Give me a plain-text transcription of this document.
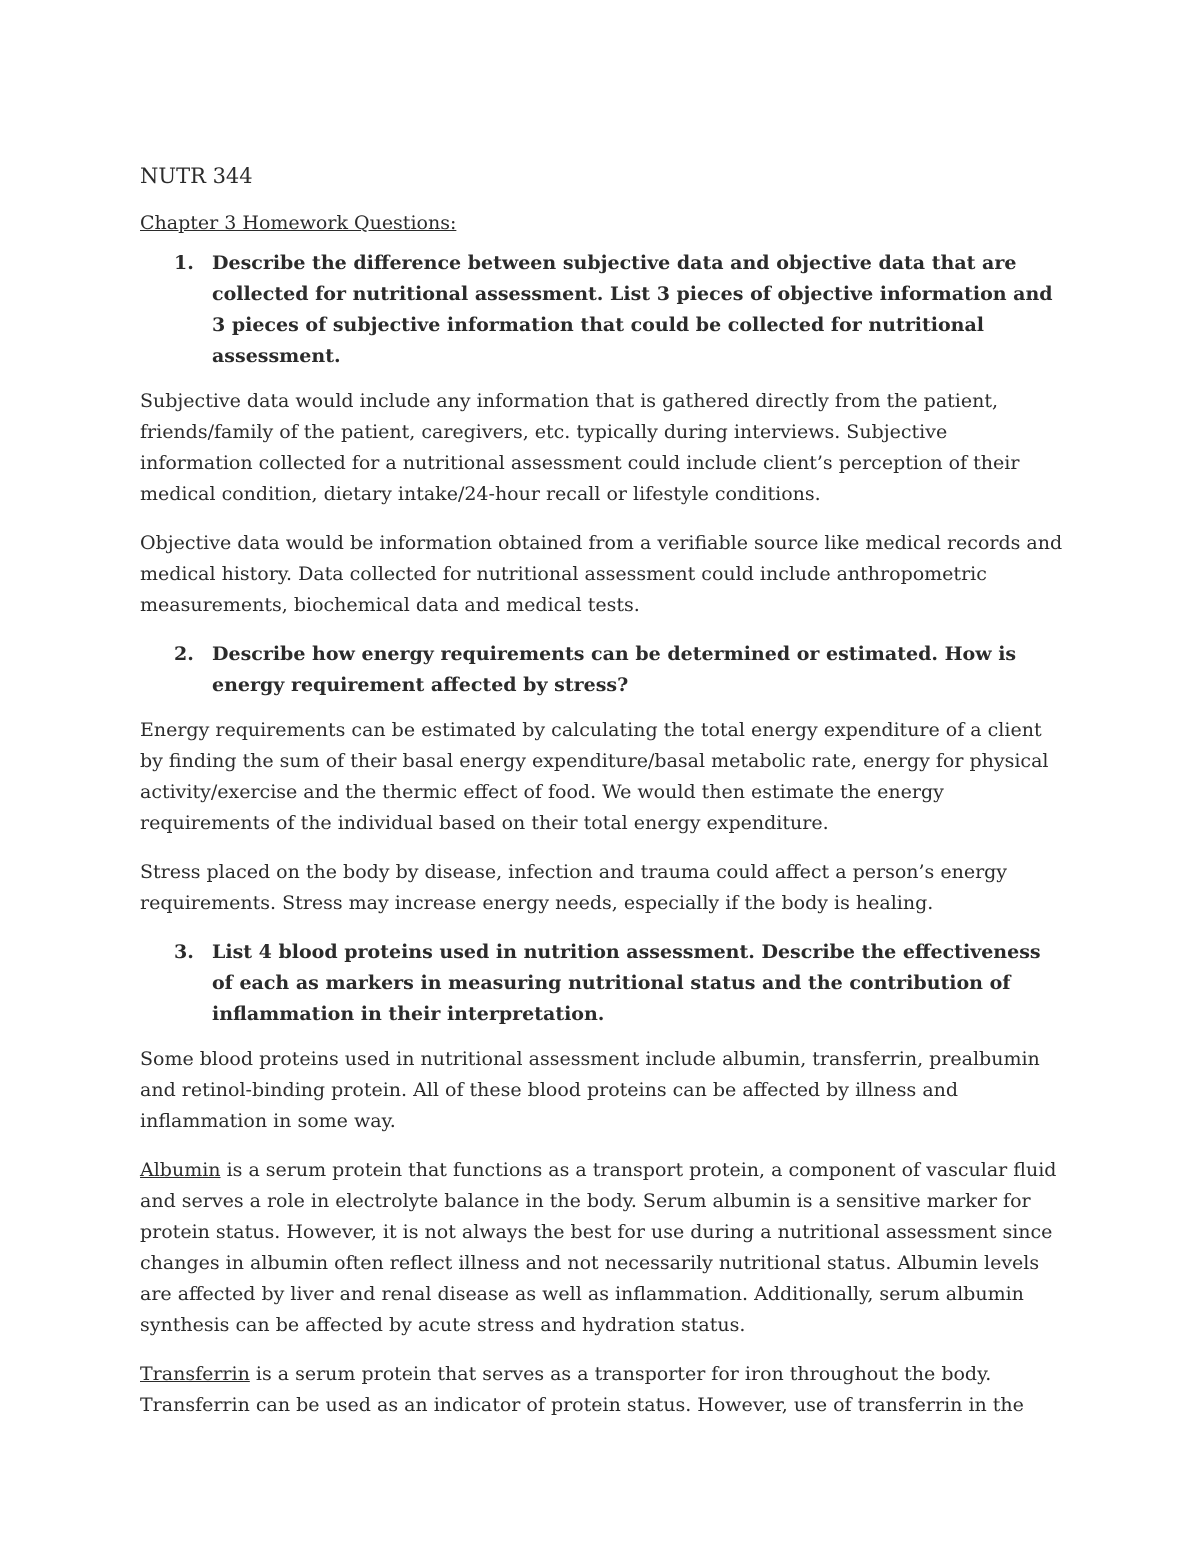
NUTR 344

Chapter 3 Homework Questions:

1. Describe the difference between subjective data and objective data that are collected for nutritional assessment. List 3 pieces of objective information and 3 pieces of subjective information that could be collected for nutritional assessment.

Subjective data would include any information that is gathered directly from the patient, friends/family of the patient, caregivers, etc. typically during interviews. Subjective information collected for a nutritional assessment could include client’s perception of their medical condition, dietary intake/24-hour recall or lifestyle conditions.

Objective data would be information obtained from a verifiable source like medical records and medical history. Data collected for nutritional assessment could include anthropometric measurements, biochemical data and medical tests.

2. Describe how energy requirements can be determined or estimated. How is energy requirement affected by stress?

Energy requirements can be estimated by calculating the total energy expenditure of a client by finding the sum of their basal energy expenditure/basal metabolic rate, energy for physical activity/exercise and the thermic effect of food. We would then estimate the energy requirements of the individual based on their total energy expenditure.

Stress placed on the body by disease, infection and trauma could affect a person’s energy requirements. Stress may increase energy needs, especially if the body is healing.

3. List 4 blood proteins used in nutrition assessment. Describe the effectiveness of each as markers in measuring nutritional status and the contribution of inflammation in their interpretation.

Some blood proteins used in nutritional assessment include albumin, transferrin, prealbumin and retinol-binding protein. All of these blood proteins can be affected by illness and inflammation in some way.

Albumin is a serum protein that functions as a transport protein, a component of vascular fluid and serves a role in electrolyte balance in the body. Serum albumin is a sensitive marker for protein status. However, it is not always the best for use during a nutritional assessment since changes in albumin often reflect illness and not necessarily nutritional status. Albumin levels are affected by liver and renal disease as well as inflammation. Additionally, serum albumin synthesis can be affected by acute stress and hydration status.

Transferrin is a serum protein that serves as a transporter for iron throughout the body. Transferrin can be used as an indicator of protein status. However, use of transferrin in the
